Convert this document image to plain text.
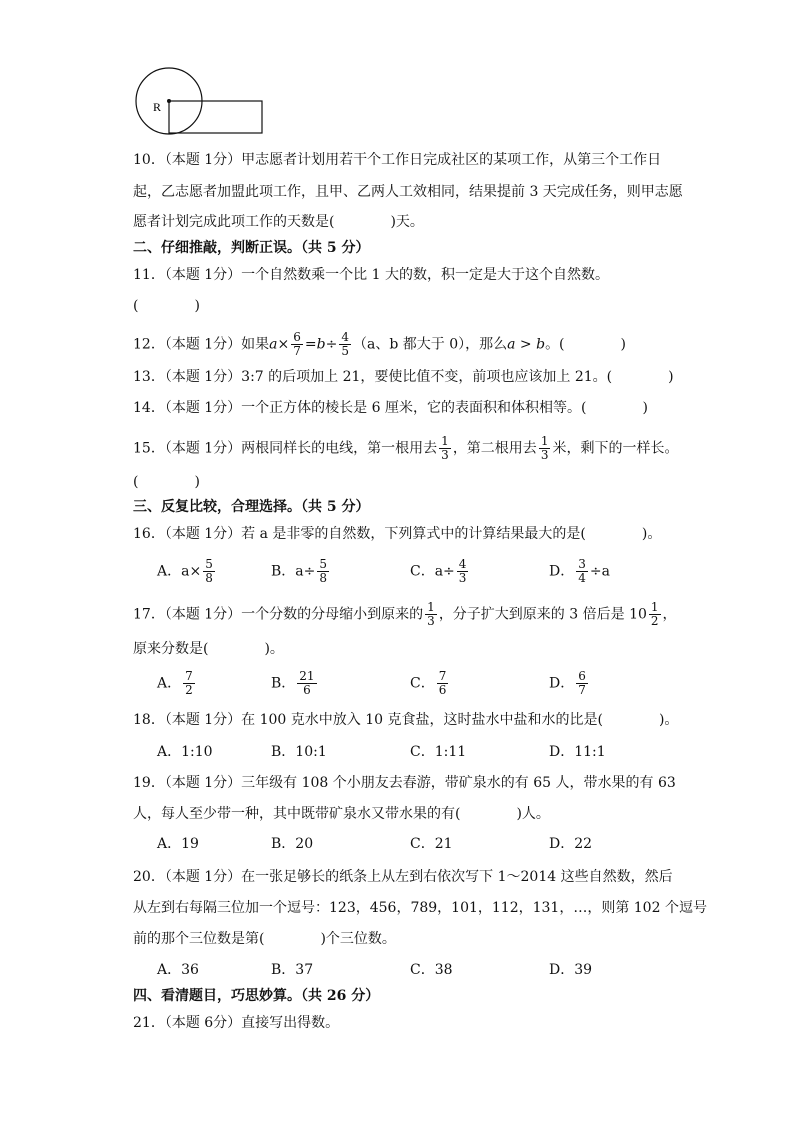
R
10．（本题 1分）甲志愿者计划用若干个工作日完成社区的某项工作，从第三个工作日
起，乙志愿者加盟此项工作，且甲、乙两人工效相同，结果提前 3 天完成任务，则甲志愿
愿者计划完成此项工作的天数是(　　　　)天。
二、仔细推敲，判断正误。（共 5 分）
11．（本题 1分）一个自然数乘一个比 1 大的数，积一定是大于这个自然数。
(　　　　)
12．（本题 1分）如果$a\times \frac{6}{7} =b\div \frac{4}{5} (a$、b 都大于 0），那么a > b。(　　　　)
13．（本题 1分）3:7 的后项加上 21，要使比值不变，前项也应该加上 21。(　　　　)
14．（本题 1分）一个正方体的棱长是 6 厘米，它的表面积和体积相等。(　　　　)
15．（本题 1分）两根同样长的电线，第一根用去 $\frac{1}{3}$ ，第二根用去 $\frac{1}{3}$ 米，剩下的一样长。
(　　　　)
三、反复比较，合理选择。（共 5 分）
16．（本题 1分）若 a 是非零的自然数，下列算式中的计算结果最大的是(　　　　)。
A．$a\times \frac{5}{8}$	B．$a\div \frac{5}{8}$	C．$a\div \frac{4}{3}$	D． $\frac{3}{4} \div a$
17．（本题 1分）一个分数的分母缩小到原来的 $\frac{1}{3}$ ，分子扩大到原来的 3 倍后是 $10 \frac{1}{2}$ ，
原来分数是(　　　　)。
A． $\frac{7}{2}$	B． $\frac{21}{6}$	C． $\frac{7}{6}$	D． $\frac{6}{7}$
18．（本题 1分）在 100 克水中放入 10 克食盐，这时盐水中盐和水的比是(　　　　)。
A．1:10	B．10:1	C．1:11	D．11:1
19．（本题 1分）三年级有 108 个小朋友去春游，带矿泉水的有 65 人，带水果的有 63
人，每人至少带一种，其中既带矿泉水又带水果的有(　　　　)人。
A．19	B．20	C．21	D．22
20．（本题 1分）在一张足够长的纸条上从左到右依次写下 1～2014 这些自然数，然后
从左到右每隔三位加一个逗号：123，456，789，101，112，131，…，则第 102 个逗号
前的那个三位数是第(　　　　)个三位数。
A．36	B．37	C．38	D．39
四、看清题目，巧思妙算。（共 26 分）
21．（本题 6分）直接写出得数。
